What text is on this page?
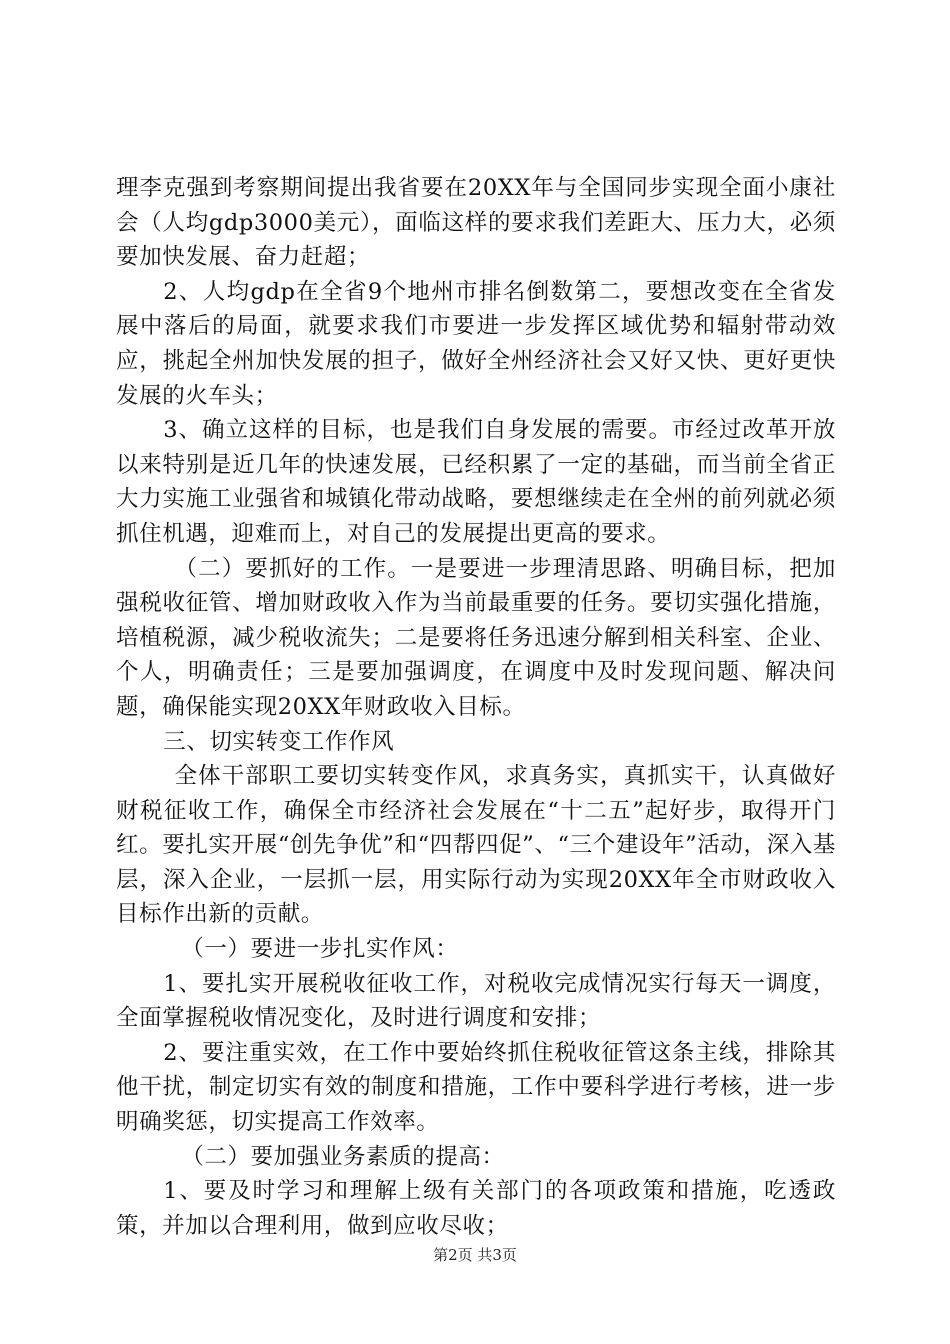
理李克强到考察期间提出我省要在20XX年与全国同步实现全面小康社会（人均gdp3000美元），面临这样的要求我们差距大、压力大，必须要加快发展、奋力赶超；

2、人均gdp在全省9个地州市排名倒数第二，要想改变在全省发展中落后的局面，就要求我们市要进一步发挥区域优势和辐射带动效应，挑起全州加快发展的担子，做好全州经济社会又好又快、更好更快发展的火车头；

3、确立这样的目标，也是我们自身发展的需要。市经过改革开放以来特别是近几年的快速发展，已经积累了一定的基础，而当前全省正大力实施工业强省和城镇化带动战略，要想继续走在全州的前列就必须抓住机遇，迎难而上，对自己的发展提出更高的要求。

（二）要抓好的工作。一是要进一步理清思路、明确目标，把加强税收征管、增加财政收入作为当前最重要的任务。要切实强化措施，培植税源，减少税收流失；二是要将任务迅速分解到相关科室、企业、个人，明确责任；三是要加强调度，在调度中及时发现问题、解决问题，确保能实现20XX年财政收入目标。

三、切实转变工作作风

全体干部职工要切实转变作风，求真务实，真抓实干，认真做好财税征收工作，确保全市经济社会发展在“十二五”起好步，取得开门红。要扎实开展“创先争优”和“四帮四促”、“三个建设年”活动，深入基层，深入企业，一层抓一层，用实际行动为实现20XX年全市财政收入目标作出新的贡献。

（一）要进一步扎实作风：

1、要扎实开展税收征收工作，对税收完成情况实行每天一调度，全面掌握税收情况变化，及时进行调度和安排；

2、要注重实效，在工作中要始终抓住税收征管这条主线，排除其他干扰，制定切实有效的制度和措施，工作中要科学进行考核，进一步明确奖惩，切实提高工作效率。

（二）要加强业务素质的提高：

1、要及时学习和理解上级有关部门的各项政策和措施，吃透政策，并加以合理利用，做到应收尽收；

第2页 共3页
